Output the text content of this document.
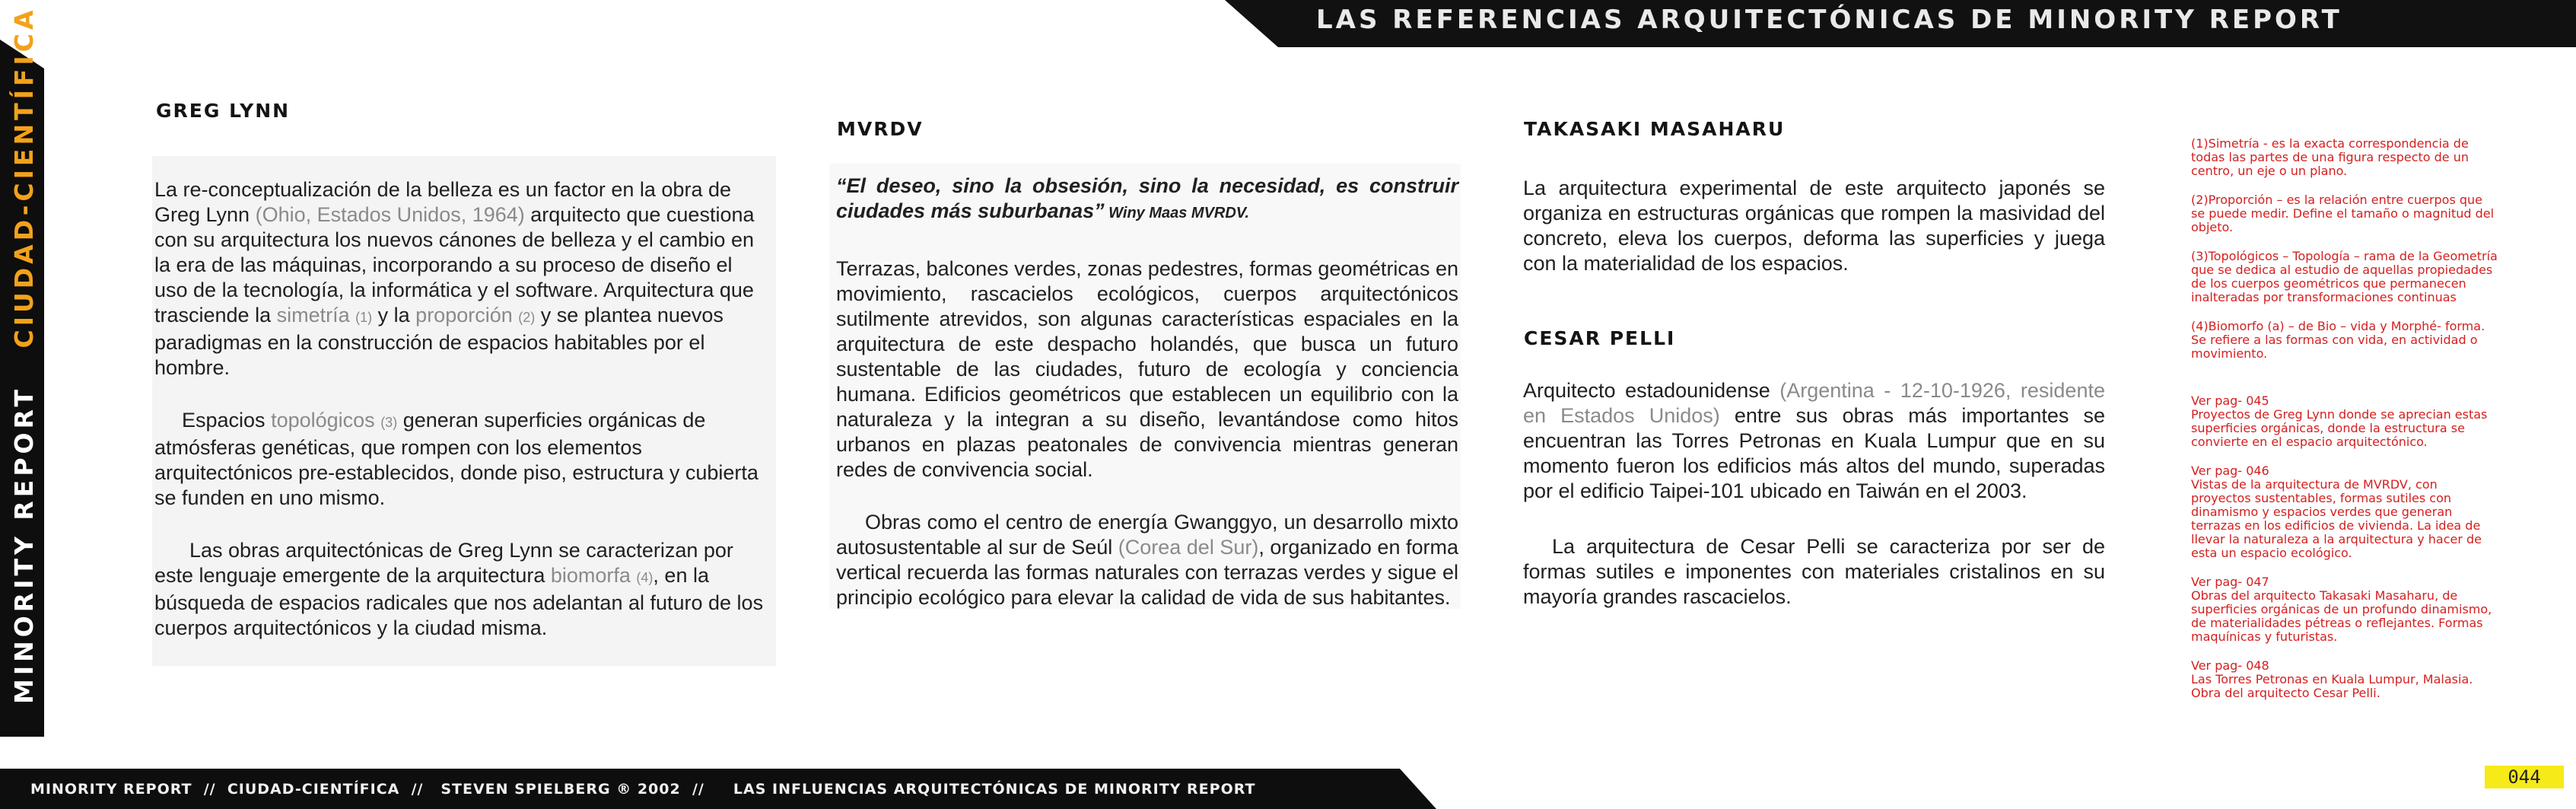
LAS REFERENCIAS ARQUITECTÓNICAS DE MINORITY REPORT
MINORITY REPORT   CIUDAD-CIENTÍFICA
MINORITY REPORT  //  CIUDAD-CIENTÍFICA  //   STEVEN SPIELBERG ® 2002  //     LAS INFLUENCIAS ARQUITECTÓNICAS DE MINORITY REPORT
044
GREG LYNN

La re-conceptualización de la belleza es un factor en la obra de Greg Lynn (Ohio, Estados Unidos, 1964) arquitecto que cuestiona con su arquitectura los nuevos cánones de belleza y el cambio en la era de las máquinas, incorporando a su proceso de diseño el uso de la tecnología, la informática y el software. Arquitectura que trasciende la simetría (1) y la proporción (2) y se plantea nuevos paradigmas en la construcción de espacios habitables por el hombre.

Espacios topológicos (3) generan superficies orgánicas de atmósferas genéticas, que rompen con los elementos arquitectónicos pre-establecidos, donde piso, estructura y cubierta se funden en uno mismo.

Las obras arquitectónicas de Greg Lynn se caracterizan por este lenguaje emergente de la arquitectura biomorfa (4), en la búsqueda de espacios radicales que nos adelantan al futuro de los cuerpos arquitectónicos y la ciudad misma.

MVRDV

“El deseo, sino la obsesión, sino la necesidad, es construir ciudades más suburbanas” Winy Maas MVRDV.

Terrazas, balcones verdes, zonas pedestres, formas geométricas en movimiento, rascacielos ecológicos, cuerpos arquitectónicos sutilmente atrevidos, son algunas características espaciales en la arquitectura de este despacho holandés, que busca un futuro sustentable de las ciudades, futuro de ecología y conciencia humana. Edificios geométricos que establecen un equilibrio con la naturaleza y la integran a su diseño, levantándose como hitos urbanos en plazas peatonales de convivencia mientras generan redes de convivencia social.

Obras como el centro de energía Gwanggyo, un desarrollo mixto autosustentable al sur de Seúl (Corea del Sur), organizado en forma vertical recuerda las formas naturales con terrazas verdes y sigue el principio ecológico para elevar la calidad de vida de sus habitantes.

TAKASAKI MASAHARU

La arquitectura experimental de este arquitecto japonés se organiza en estructuras orgánicas que rompen la masividad del concreto, eleva los cuerpos, deforma las superficies y juega con la materialidad de los espacios.

CESAR PELLI

Arquitecto estadounidense (Argentina - 12-10-1926, residente en Estados Unidos) entre sus obras más importantes se encuentran las Torres Petronas en Kuala Lumpur que en su momento fueron los edificios más altos del mundo, superadas por el edificio Taipei-101 ubicado en Taiwán en el 2003.

La arquitectura de Cesar Pelli se caracteriza por ser de formas sutiles e imponentes con materiales cristalinos en su mayoría grandes rascacielos.

(1)Simetría - es la exacta correspondencia de todas las partes de una figura respecto de un centro, un eje o un plano.

(2)Proporción – es la relación entre cuerpos que se puede medir. Define el tamaño o magnitud del objeto.

(3)Topológicos – Topología – rama de la Geometría que se dedica al estudio de aquellas propiedades de los cuerpos geométricos que permanecen inalteradas por transformaciones continuas

(4)Biomorfo (a) – de Bio – vida y Morphé- forma. Se refiere a las formas con vida, en actividad o movimiento.

Ver pag- 045
Proyectos de Greg Lynn donde se aprecian estas superficies orgánicas, donde la estructura se convierte en el espacio arquitectónico.

Ver pag- 046
Vistas de la arquitectura de MVRDV, con proyectos sustentables, formas sutiles con dinamismo y espacios verdes que generan terrazas en los edificios de vivienda. La idea de llevar la naturaleza a la arquitectura y hacer de esta un espacio ecológico.

Ver pag- 047
Obras del arquitecto Takasaki Masaharu, de superficies orgánicas de un profundo dinamismo, de materialidades pétreas o reflejantes. Formas maquínicas y futuristas.

Ver pag- 048
Las Torres Petronas en Kuala Lumpur, Malasia. Obra del arquitecto Cesar Pelli.
